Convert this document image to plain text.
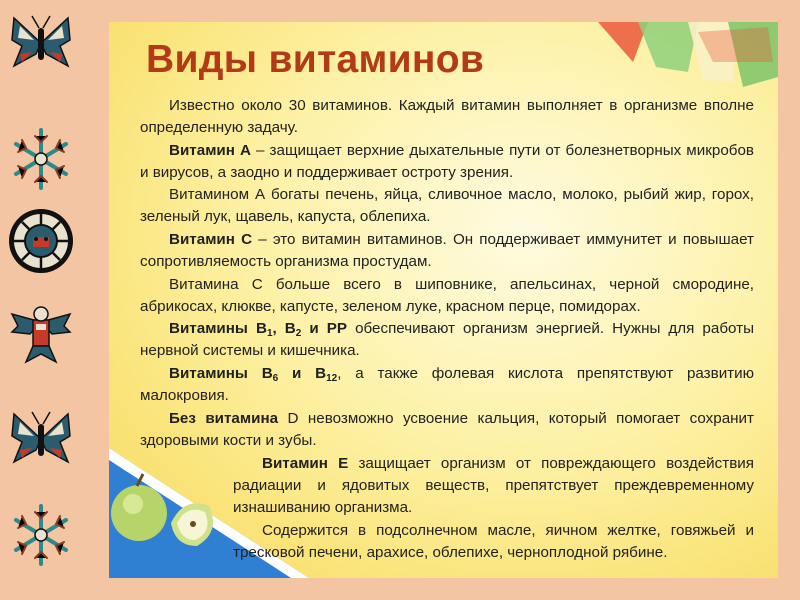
Виды витаминов

Известно около 30 витаминов. Каждый витамин выполняет в организме вполне определенную задачу.

Витамин А – защищает верхние дыхательные пути от болезнетворных микробов и вирусов, а заодно и поддерживает остроту зрения.

Витамином А богаты печень, яйца, сливочное масло, молоко, рыбий жир, горох, зеленый лук, щавель, капуста, облепиха.

Витамин С – это витамин витаминов. Он поддерживает иммунитет и повышает сопротивляемость организма простудам.

Витамина С больше всего в шиповнике, апельсинах, черной смородине, абрикосах, клюкве, капусте, зеленом луке, красном перце, помидорах.

Витамины $В_1$, $В_2$ и РР обеспечивают организм энергией. Нужны для работы нервной системы и кишечника.

Витамины $В_6$ и $В_{12}$, а также фолевая кислота препятствуют развитию малокровия.

Без витамина D невозможно усвоение кальция, который помогает сохранит здоровыми кости и зубы.

Витамин Е защищает организм от повреждающего воздействия радиации и ядовитых веществ, препятствует преждевременному изнашиванию организма.

Содержится в подсолнечном масле, яичном желтке, говяжьей и тресковой печени, арахисе, облепихе, черноплодной рябине.
